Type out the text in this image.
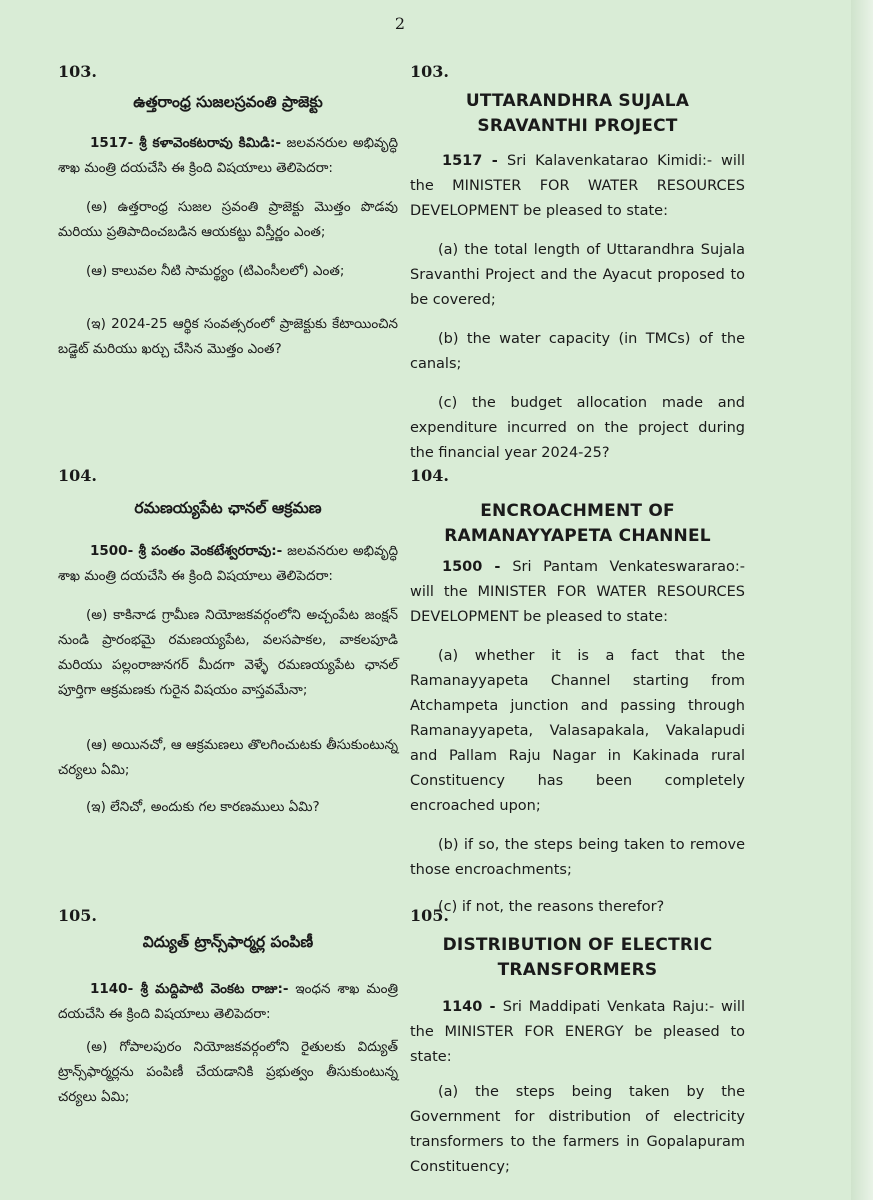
2

103.

ఉత్తరాంధ్ర సుజలస్రవంతి ప్రాజెక్టు

1517- శ్రీ కళావెంకటరావు కిమిడి:- జలవనరుల అభివృద్ధి శాఖ మంత్రి దయచేసి ఈ క్రింది విషయాలు తెలిపెదరా:

(అ) ఉత్తరాంధ్ర సుజల స్రవంతి ప్రాజెక్టు మొత్తం పొడవు మరియు ప్రతిపాదించబడిన ఆయకట్టు విస్తీర్ణం ఎంత;

(ఆ) కాలువల నీటి సామర్థ్యం (టిఎంసీలలో) ఎంత;

(ఇ) 2024-25 ఆర్థిక సంవత్సరంలో ప్రాజెక్టుకు కేటాయించిన బడ్జెట్ మరియు ఖర్చు చేసిన మొత్తం ఎంత?

104.

రమణయ్యపేట ఛానల్ ఆక్రమణ

1500- శ్రీ పంతం వెంకటేశ్వరరావు:- జలవనరుల అభివృద్ధి శాఖ మంత్రి దయచేసి ఈ క్రింది విషయాలు తెలిపెదరా:

(అ) కాకినాడ గ్రామీణ నియోజకవర్గంలోని అచ్చంపేట జంక్షన్ నుండి ప్రారంభమై రమణయ్యపేట, వలసపాకల, వాకలపూడి మరియు పల్లంరాజునగర్ మీదగా వెళ్ళే రమణయ్యపేట ఛానల్ పూర్తిగా ఆక్రమణకు గురైన విషయం వాస్తవమేనా;

(ఆ) అయినచో, ఆ ఆక్రమణలు తొలగించుటకు తీసుకుంటున్న చర్యలు ఏమి;

(ఇ) లేనిచో, అందుకు గల కారణములు ఏమి?

105.

విద్యుత్ ట్రాన్స్‌ఫార్మర్ల పంపిణీ

1140- శ్రీ మద్దిపాటి వెంకట రాజు:- ఇంధన శాఖ మంత్రి దయచేసి ఈ క్రింది విషయాలు తెలిపెదరా:

(అ) గోపాలపురం నియోజకవర్గంలోని రైతులకు విద్యుత్ ట్రాన్స్‌ఫార్మర్లను పంపిణీ చేయడానికి ప్రభుత్వం తీసుకుంటున్న చర్యలు ఏమి;

103.

UTTARANDHRA SUJALA SRAVANTHI PROJECT

1517 - Sri Kalavenkatarao Kimidi:- will the MINISTER FOR WATER RESOURCES DEVELOPMENT be pleased to state:

(a) the total length of Uttarandhra Sujala Sravanthi Project and the Ayacut proposed to be covered;

(b) the water capacity (in TMCs) of the canals;

(c) the budget allocation made and expenditure incurred on the project during the financial year 2024-25?

104.

ENCROACHMENT OF RAMANAYYAPETA CHANNEL

1500 - Sri Pantam Venkateswararao:- will the MINISTER FOR WATER RESOURCES DEVELOPMENT be pleased to state:

(a) whether it is a fact that the Ramanayyapeta Channel starting from Atchampeta junction and passing through Ramanayyapeta, Valasapakala, Vakalapudi and Pallam Raju Nagar in Kakinada rural Constituency has been completely encroached upon;

(b) if so, the steps being taken to remove those encroachments;

(c) if not, the reasons therefor?

105.

DISTRIBUTION OF ELECTRIC TRANSFORMERS

1140 - Sri Maddipati Venkata Raju:- will the MINISTER FOR ENERGY be pleased to state:

(a) the steps being taken by the Government for distribution of electricity transformers to the farmers in Gopalapuram Constituency;
